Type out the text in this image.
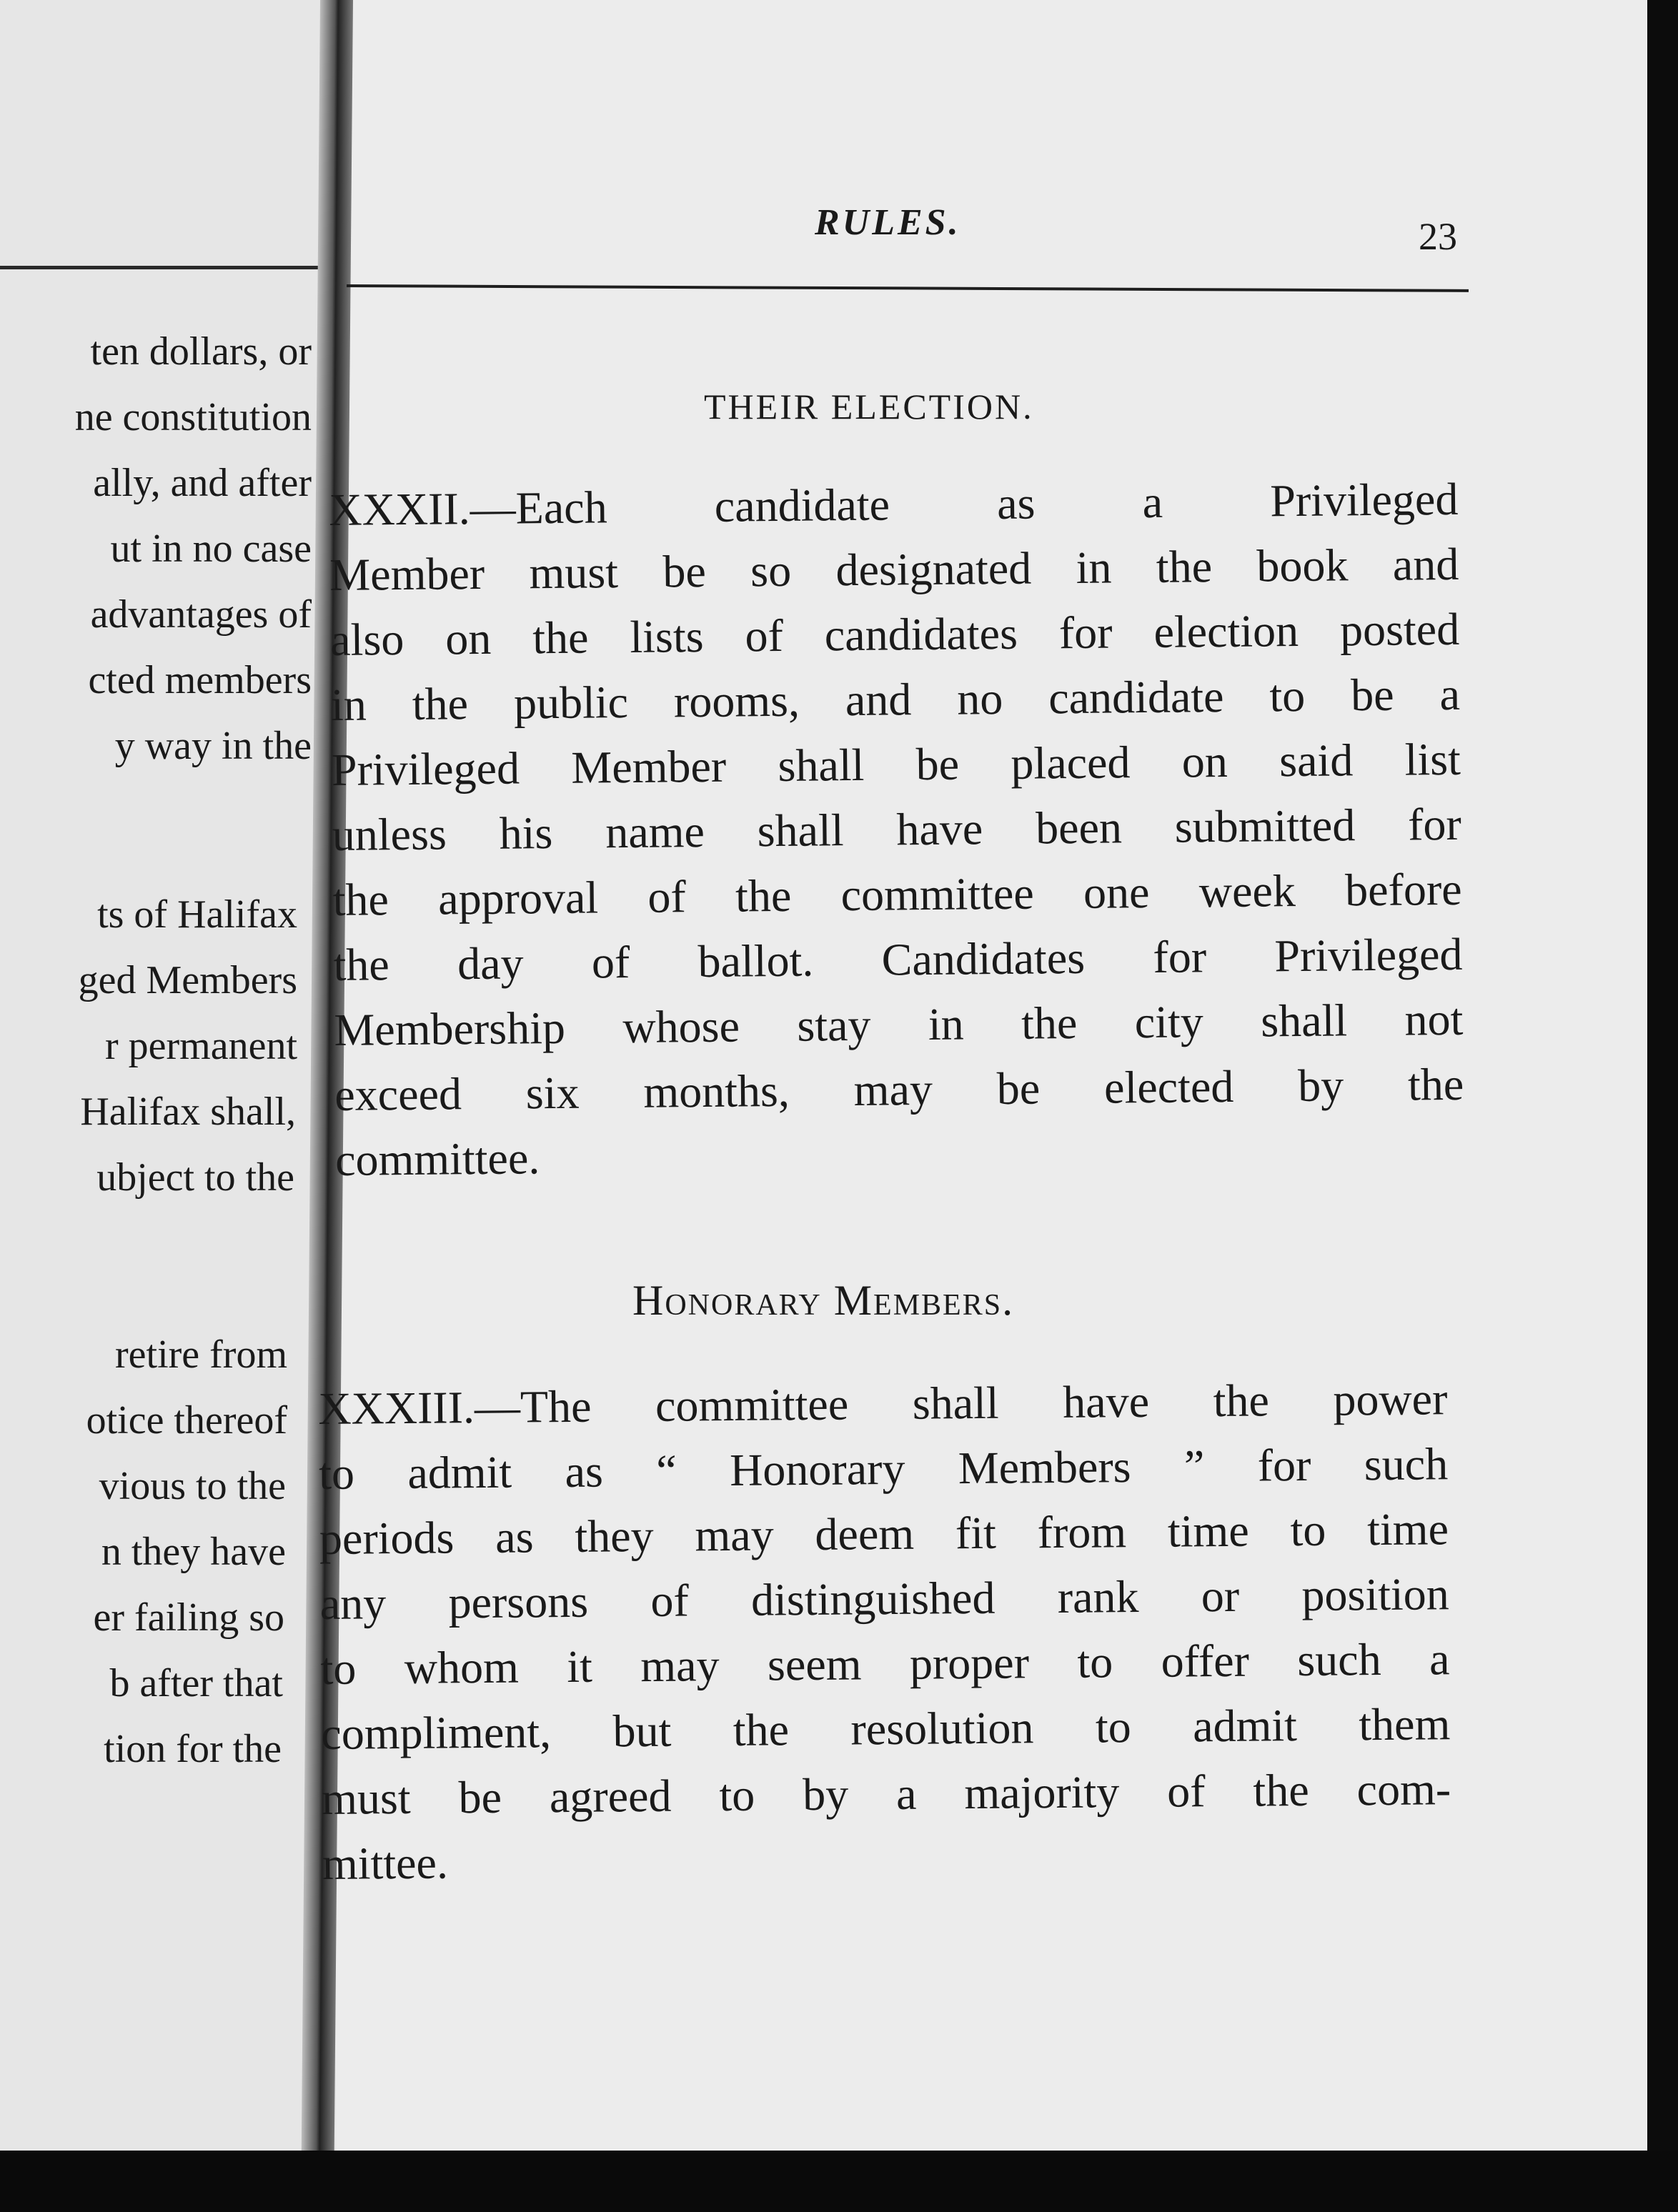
ten dollars, or
ne constitution
ally, and after
ut in no case
advantages of
cted members
y way in the
ts of Halifax
ged Members
r permanent
Halifax shall,
ubject to the
retire from
otice thereof
vious to the
n they have
er failing so
b after that
tion for the
RULES.	23
THEIR ELECTION.
XXXII.—Each candidate as a Privileged
Member must be so designated in the book and
also on the lists of candidates for election posted
in the public rooms, and no candidate to be a
Privileged Member shall be placed on said list
unless his name shall have been submitted for
the approval of the committee one week before
the day of ballot. Candidates for Privileged
Membership whose stay in the city shall not
exceed six months, may be elected by the
committee.
Honorary Members.
XXXIII.—The committee shall have the power
to admit as “ Honorary Members ” for such
periods as they may deem fit from time to time
any persons of distinguished rank or position
to whom it may seem proper to offer such a
compliment, but the resolution to admit them
must be agreed to by a majority of the com-
mittee.
